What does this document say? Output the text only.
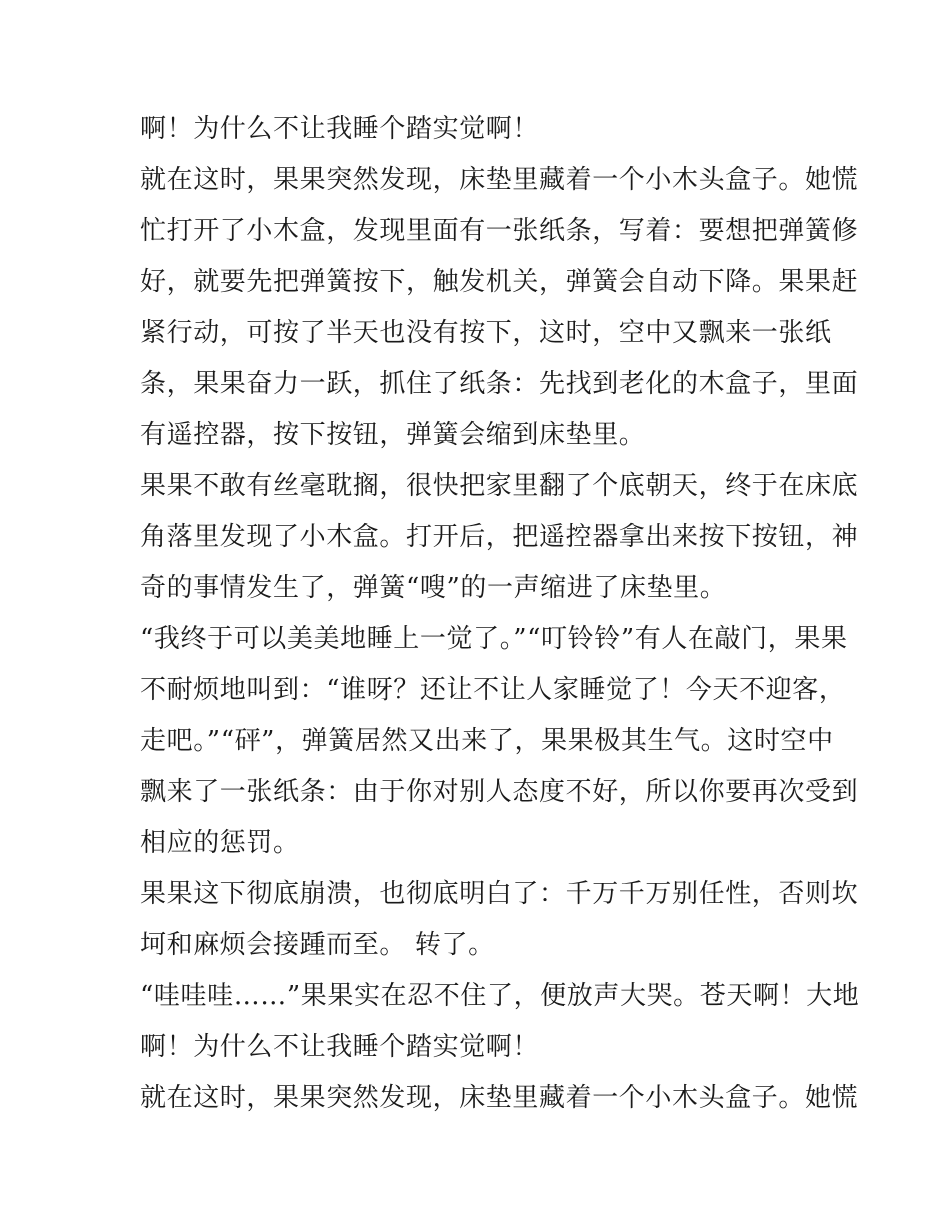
啊！为什么不让我睡个踏实觉啊！
就在这时，果果突然发现，床垫里藏着一个小木头盒子。她慌
忙打开了小木盒，发现里面有一张纸条，写着：要想把弹簧修
好，就要先把弹簧按下，触发机关，弹簧会自动下降。果果赶
紧行动，可按了半天也没有按下，这时，空中又飘来一张纸
条，果果奋力一跃，抓住了纸条：先找到老化的木盒子，里面
有遥控器，按下按钮，弹簧会缩到床垫里。
果果不敢有丝毫耽搁，很快把家里翻了个底朝天，终于在床底
角落里发现了小木盒。打开后，把遥控器拿出来按下按钮，神
奇的事情发生了，弹簧“嗖”的一声缩进了床垫里。
“我终于可以美美地睡上一觉了。”“叮铃铃”有人在敲门，果果
不耐烦地叫到：“谁呀？还让不让人家睡觉了！今天不迎客，
走吧。”“砰”，弹簧居然又出来了，果果极其生气。这时空中
飘来了一张纸条：由于你对别人态度不好，所以你要再次受到
相应的惩罚。
果果这下彻底崩溃，也彻底明白了：千万千万别任性，否则坎
坷和麻烦会接踵而至。 转了。
“哇哇哇……”果果实在忍不住了，便放声大哭。苍天啊！大地
啊！为什么不让我睡个踏实觉啊！
就在这时，果果突然发现，床垫里藏着一个小木头盒子。她慌
